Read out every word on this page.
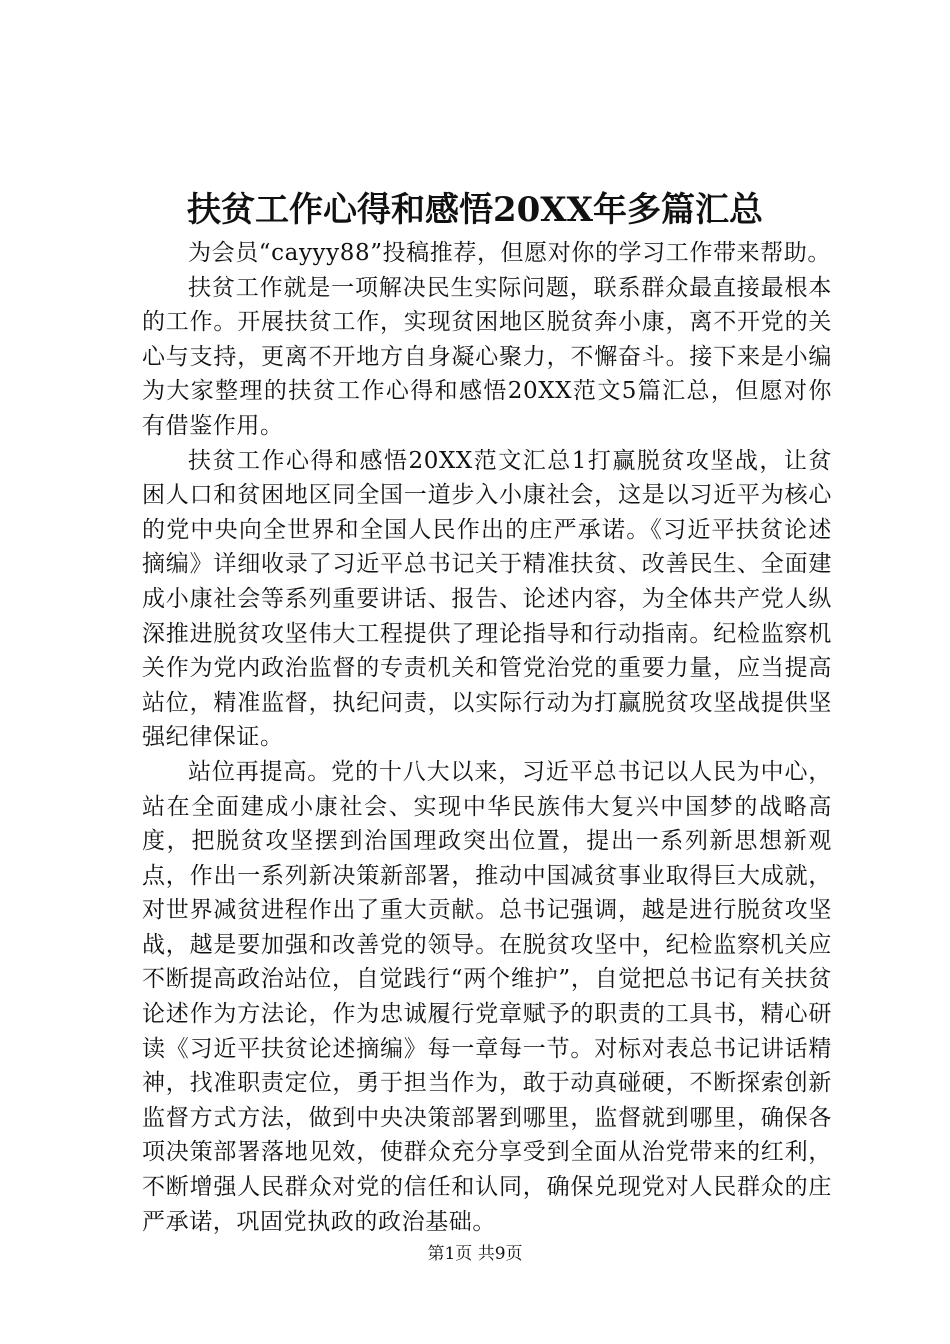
扶贫工作心得和感悟20XX年多篇汇总

为会员“cayyy88”投稿推荐，但愿对你的学习工作带来帮助。

扶贫工作就是一项解决民生实际问题，联系群众最直接最根本的工作。开展扶贫工作，实现贫困地区脱贫奔小康，离不开党的关心与支持，更离不开地方自身凝心聚力，不懈奋斗。接下来是小编为大家整理的扶贫工作心得和感悟20XX范文5篇汇总，但愿对你有借鉴作用。

扶贫工作心得和感悟20XX范文汇总1打赢脱贫攻坚战，让贫困人口和贫困地区同全国一道步入小康社会，这是以习近平为核心的党中央向全世界和全国人民作出的庄严承诺。《习近平扶贫论述摘编》详细收录了习近平总书记关于精准扶贫、改善民生、全面建成小康社会等系列重要讲话、报告、论述内容，为全体共产党人纵深推进脱贫攻坚伟大工程提供了理论指导和行动指南。纪检监察机关作为党内政治监督的专责机关和管党治党的重要力量，应当提高站位，精准监督，执纪问责，以实际行动为打赢脱贫攻坚战提供坚强纪律保证。

站位再提高。党的十八大以来，习近平总书记以人民为中心，站在全面建成小康社会、实现中华民族伟大复兴中国梦的战略高度，把脱贫攻坚摆到治国理政突出位置，提出一系列新思想新观点，作出一系列新决策新部署，推动中国减贫事业取得巨大成就，对世界减贫进程作出了重大贡献。总书记强调，越是进行脱贫攻坚战，越是要加强和改善党的领导。在脱贫攻坚中，纪检监察机关应不断提高政治站位，自觉践行“两个维护”，自觉把总书记有关扶贫论述作为方法论，作为忠诚履行党章赋予的职责的工具书，精心研读《习近平扶贫论述摘编》每一章每一节。对标对表总书记讲话精神，找准职责定位，勇于担当作为，敢于动真碰硬，不断探索创新监督方式方法，做到中央决策部署到哪里，监督就到哪里，确保各项决策部署落地见效，使群众充分享受到全面从治党带来的红利，不断增强人民群众对党的信任和认同，确保兑现党对人民群众的庄严承诺，巩固党执政的政治基础。

第1页 共9页
